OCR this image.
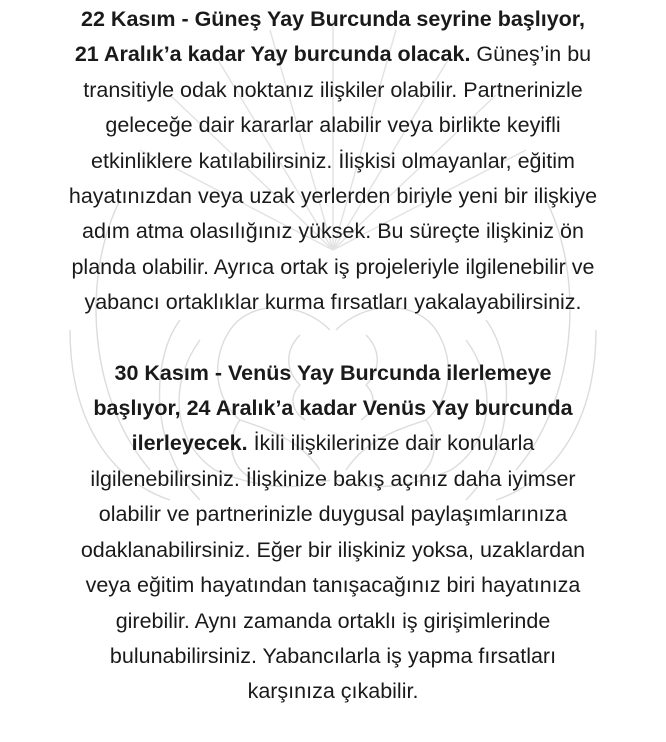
22 Kasım - Güneş Yay Burcunda seyrine başlıyor,
21 Aralık’a kadar Yay burcunda olacak. Güneş’in bu
transitiyle odak noktanız ilişkiler olabilir. Partnerinizle
geleceğe dair kararlar alabilir veya birlikte keyifli
etkinliklere katılabilirsiniz. İlişkisi olmayanlar, eğitim
hayatınızdan veya uzak yerlerden biriyle yeni bir ilişkiye
adım atma olasılığınız yüksek. Bu süreçte ilişkiniz ön
planda olabilir. Ayrıca ortak iş projeleriyle ilgilenebilir ve
yabancı ortaklıklar kurma fırsatları yakalayabilirsiniz.

30 Kasım - Venüs Yay Burcunda ilerlemeye
başlıyor, 24 Aralık’a kadar Venüs Yay burcunda
ilerleyecek. İkili ilişkilerinize dair konularla
ilgilenebilirsiniz. İlişkinize bakış açınız daha iyimser
olabilir ve partnerinizle duygusal paylaşımlarınıza
odaklanabilirsiniz. Eğer bir ilişkiniz yoksa, uzaklardan
veya eğitim hayatından tanışacağınız biri hayatınıza
girebilir. Aynı zamanda ortaklı iş girişimlerinde
bulunabilirsiniz. Yabancılarla iş yapma fırsatları
karşınıza çıkabilir.
